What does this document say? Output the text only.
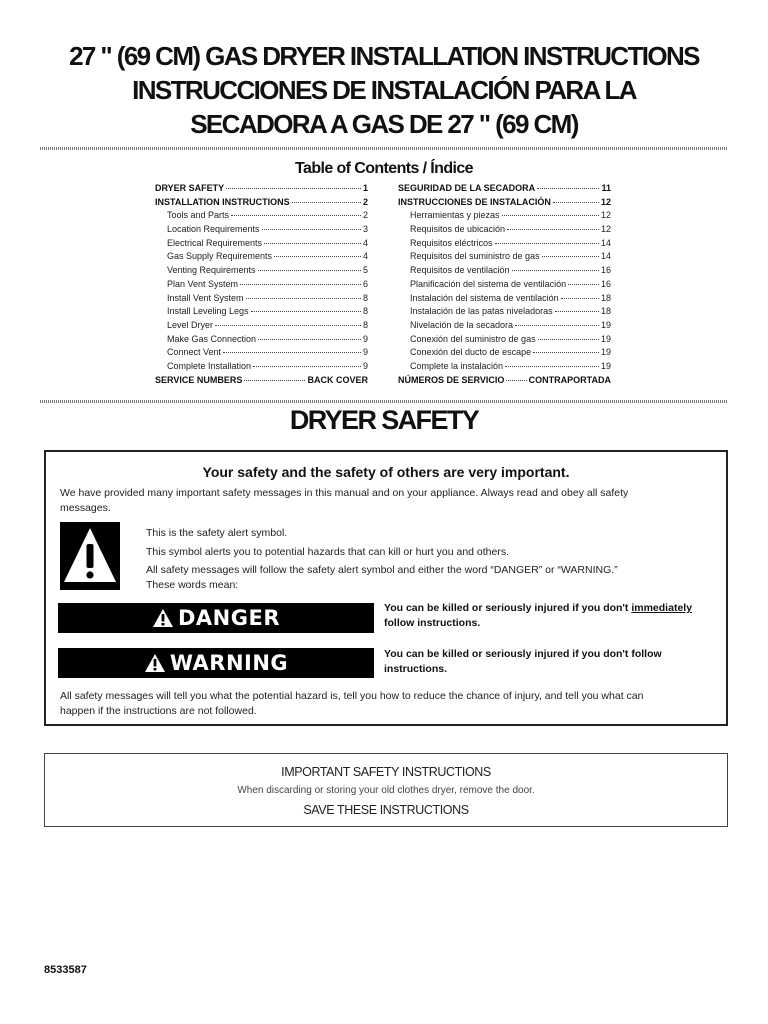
27 " (69 CM) GAS DRYER INSTALLATION INSTRUCTIONS
INSTRUCCIONES DE INSTALACIÓN PARA LA
SECADORA A GAS DE 27 " (69 CM)
Table of Contents / Índice
DRYER SAFETY	1
INSTALLATION INSTRUCTIONS	2
Tools and Parts	2
Location Requirements	3
Electrical Requirements	4
Gas Supply Requirements	4
Venting Requirements	5
Plan Vent System	6
Install Vent System	8
Install Leveling Legs	8
Level Dryer	8
Make Gas Connection	9
Connect Vent	9
Complete Installation	9
SERVICE NUMBERS	BACK COVER
SEGURIDAD DE LA SECADORA	11
INSTRUCCIONES DE INSTALACIÓN	12
Herramientas y piezas	12
Requisitos de ubicación	12
Requisitos eléctricos	14
Requisitos del suministro de gas	14
Requisitos de ventilación	16
Planificación del sistema de ventilación	16
Instalación del sistema de ventilación	18
Instalación de las patas niveladoras	18
Nivelación de la secadora	19
Conexión del suministro de gas	19
Conexión del ducto de escape	19
Complete la instalación	19
NÚMEROS DE SERVICIO	CONTRAPORTADA
DRYER SAFETY
Your safety and the safety of others are very important.
We have provided many important safety messages in this manual and on your appliance. Always read and obey all safety
messages.
This is the safety alert symbol.
This symbol alerts you to potential hazards that can kill or hurt you and others.
All safety messages will follow the safety alert symbol and either the word “DANGER” or “WARNING.”
These words mean:
DANGER	You can be killed or seriously injured if you don't immediately
follow instructions.
WARNING	You can be killed or seriously injured if you don't follow
instructions.
All safety messages will tell you what the potential hazard is, tell you how to reduce the chance of injury, and tell you what can
happen if the instructions are not followed.
IMPORTANT SAFETY INSTRUCTIONS
When discarding or storing your old clothes dryer, remove the door.
SAVE THESE INSTRUCTIONS
8533587
